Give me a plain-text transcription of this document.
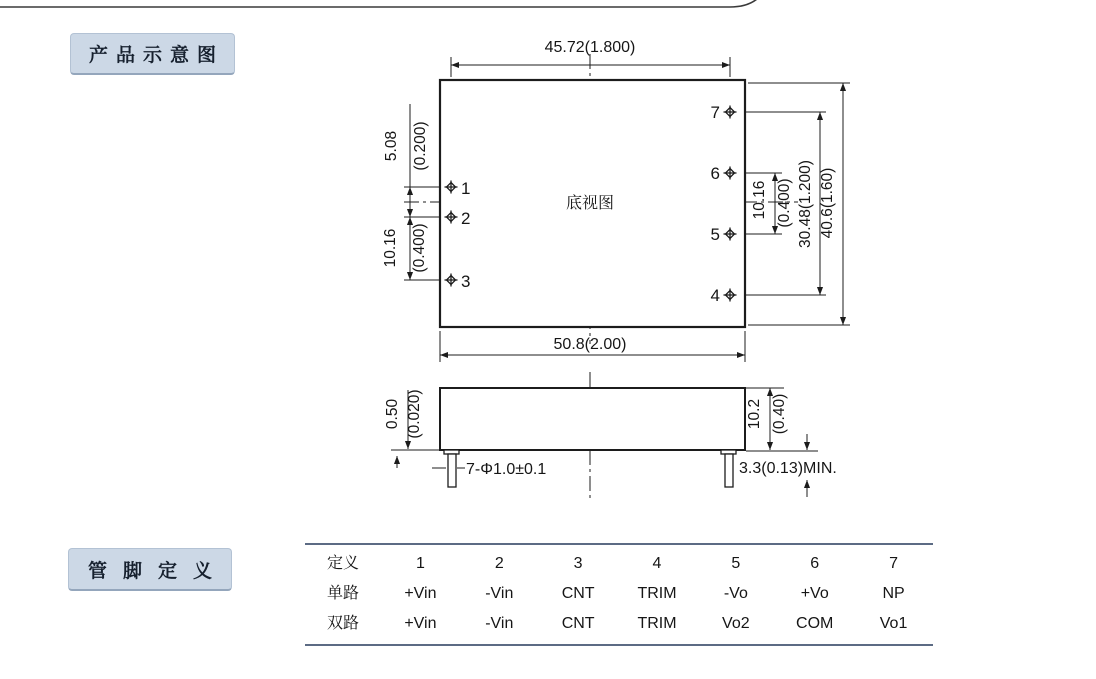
产品示意图
管脚定义
底视图
1
2
3
4
5
6
7
45.72(1.800)
50.8(2.00)
5.08 (0.200)
10.16 (0.400)
10.16 (0.400) 30.48(1.200) 40.6(1.60)
0.50 (0.020)	10.2 (0.40)
7-Φ1.0±0.1	3.3(0.13)MIN.
定义	1	2	3	4	5	6	7
单路	+Vin	-Vin	CNT	TRIM	-Vo	+Vo	NP
双路	+Vin	-Vin	CNT	TRIM	Vo2	COM	Vo1
